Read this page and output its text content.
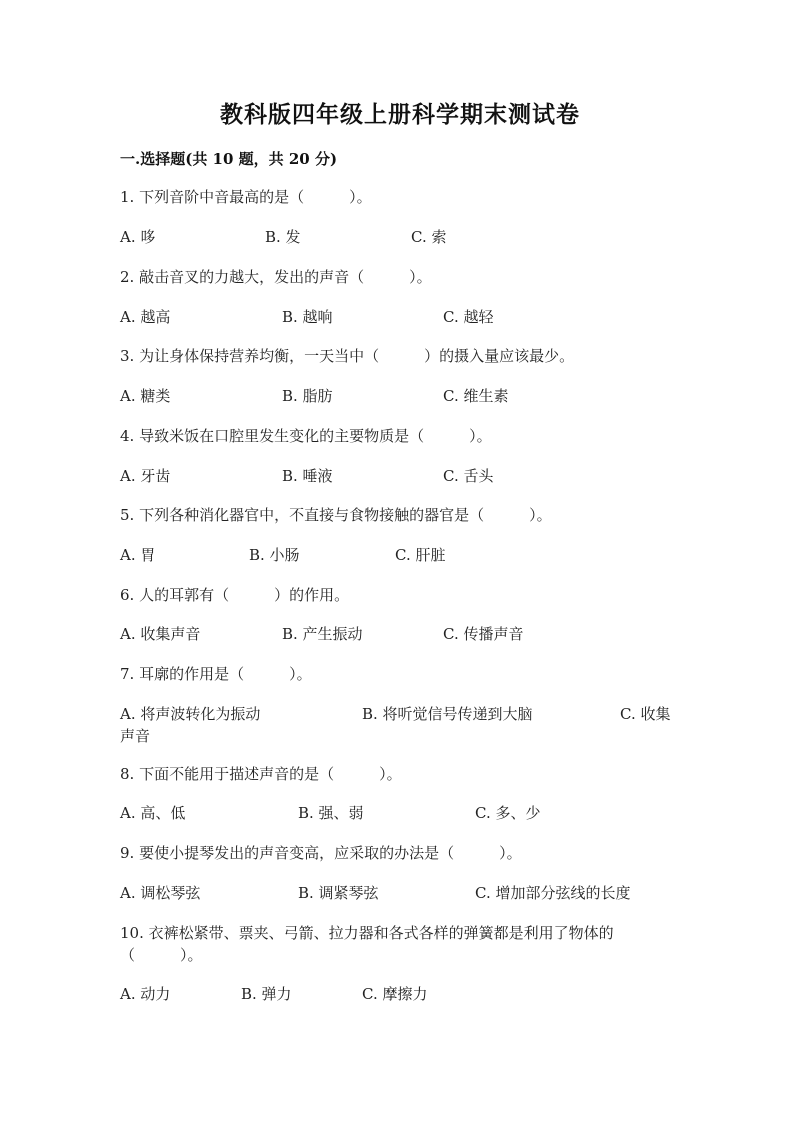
教科版四年级上册科学期末测试卷
一.选择题(共 10 题，共 20 分)
1. 下列音阶中音最高的是（　　　）。
A. 哆	B. 发	C. 索
2. 敲击音叉的力越大，发出的声音（　　　）。
A. 越高	B. 越响	C. 越轻
3. 为让身体保持营养均衡，一天当中（　　　）的摄入量应该最少。
A. 糖类	B. 脂肪	C. 维生素
4. 导致米饭在口腔里发生变化的主要物质是（　　　）。
A. 牙齿	B. 唾液	C. 舌头
5. 下列各种消化器官中，不直接与食物接触的器官是（　　　）。
A. 胃	B. 小肠	C. 肝脏
6. 人的耳郭有（　　　）的作用。
A. 收集声音	B. 产生振动	C. 传播声音
7. 耳廓的作用是（　　　）。
A. 将声波转化为振动	B. 将听觉信号传递到大脑	C. 收集
声音
8. 下面不能用于描述声音的是（　　　）。
A. 高、低	B. 强、弱	C. 多、少
9. 要使小提琴发出的声音变高，应采取的办法是（　　　）。
A. 调松琴弦	B. 调紧琴弦	C. 增加部分弦线的长度
10. 衣裤松紧带、票夹、弓箭、拉力器和各式各样的弹簧都是利用了物体的（　　　）。
A. 动力	B. 弹力	C. 摩擦力
